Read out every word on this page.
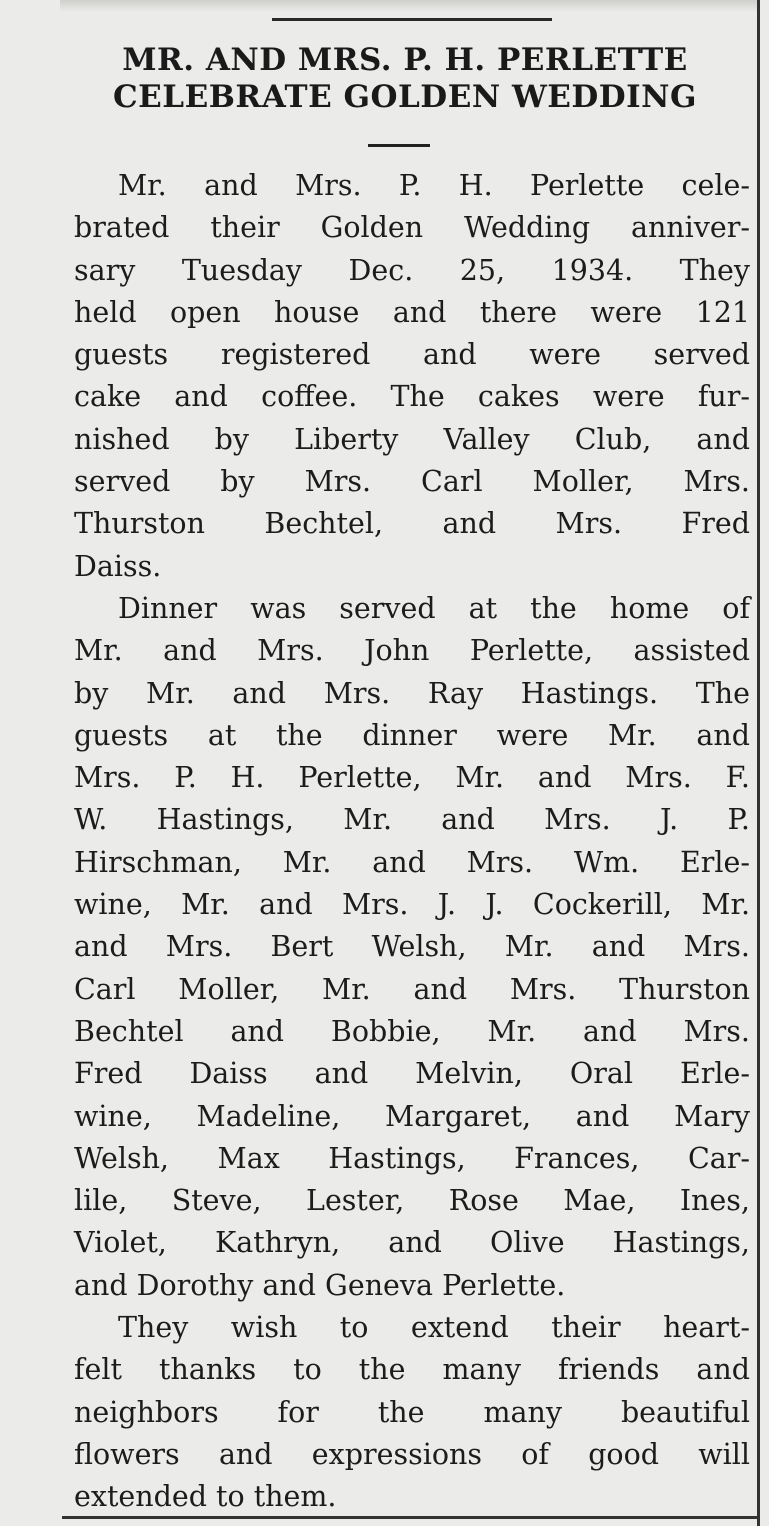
MR. AND MRS. P. H. PERLETTE
CELEBRATE GOLDEN WEDDING
Mr. and Mrs. P. H. Perlette cele-
brated their Golden Wedding anniver-
sary Tuesday Dec. 25, 1934. They
held open house and there were 121
guests registered and were served
cake and coffee. The cakes were fur-
nished by Liberty Valley Club, and
served by Mrs. Carl Moller, Mrs.
Thurston Bechtel, and Mrs. Fred
Daiss.
Dinner was served at the home of
Mr. and Mrs. John Perlette, assisted
by Mr. and Mrs. Ray Hastings. The
guests at the dinner were Mr. and
Mrs. P. H. Perlette, Mr. and Mrs. F.
W. Hastings, Mr. and Mrs. J. P.
Hirschman, Mr. and Mrs. Wm. Erle-
wine, Mr. and Mrs. J. J. Cockerill, Mr.
and Mrs. Bert Welsh, Mr. and Mrs.
Carl Moller, Mr. and Mrs. Thurston
Bechtel and Bobbie, Mr. and Mrs.
Fred Daiss and Melvin, Oral Erle-
wine, Madeline, Margaret, and Mary
Welsh, Max Hastings, Frances, Car-
lile, Steve, Lester, Rose Mae, Ines,
Violet, Kathryn, and Olive Hastings,
and Dorothy and Geneva Perlette.
They wish to extend their heart-
felt thanks to the many friends and
neighbors for the many beautiful
flowers and expressions of good will
extended to them.
